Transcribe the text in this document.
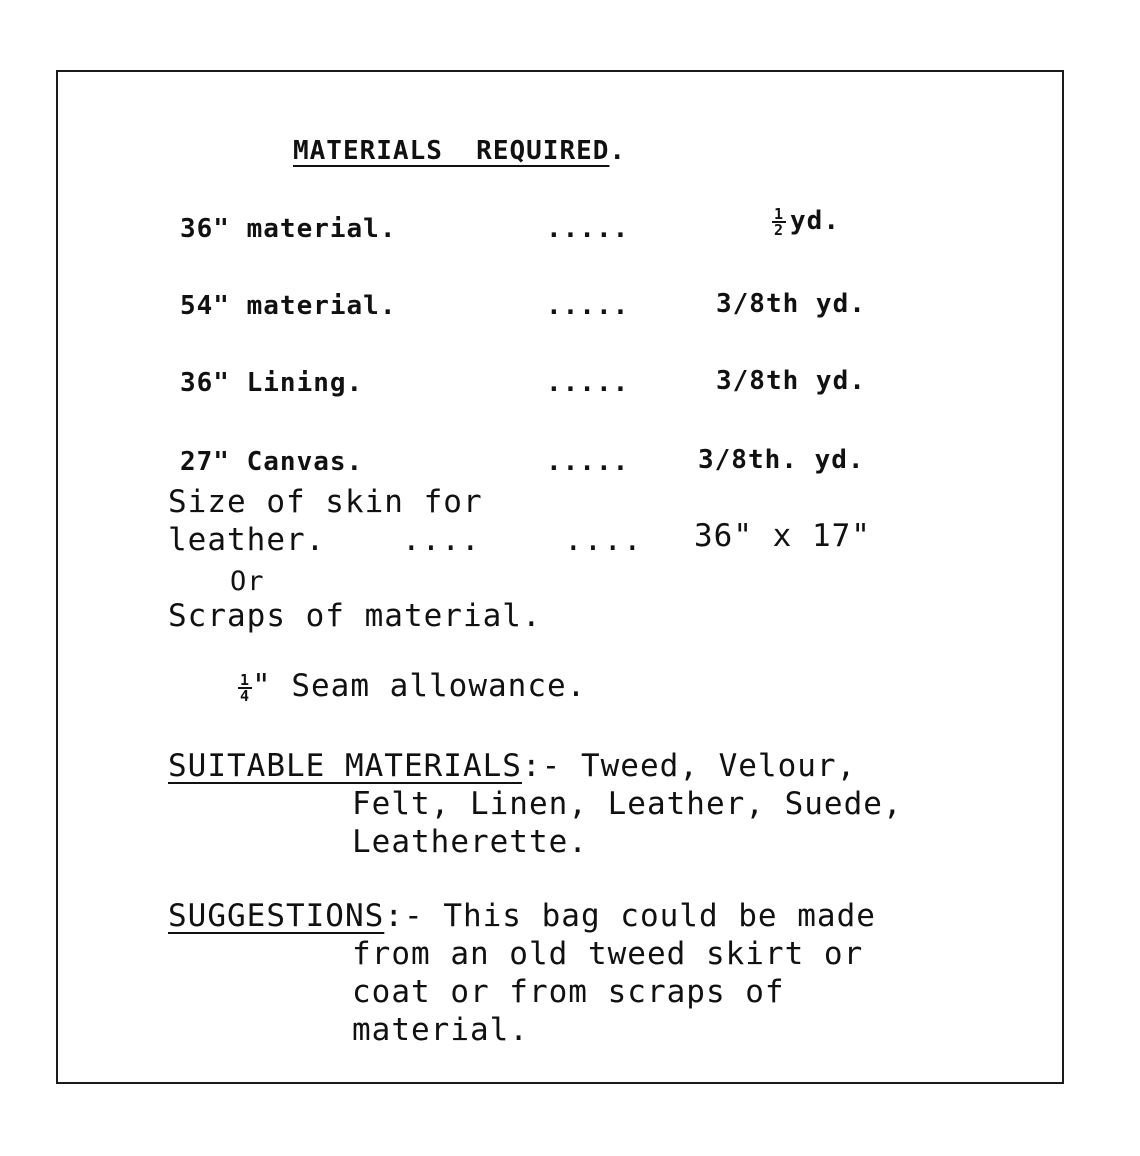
MATERIALS  REQUIRED.
36" material.	.....	$\frac{1}{2}$ yd.
54" material.	.....	3/8th yd.
36" Lining.	.....	3/8th yd.
27" Canvas.	.....	3/8th. yd.
Size of skin for
leather. ....	.... 36" x 17"
Or
Scraps of material.
$\frac{1}{4}$ " Seam allowance.
SUITABLE MATERIALS:- Tweed, Velour,
Felt, Linen, Leather, Suede,
Leatherette.
SUGGESTIONS:- This bag could be made
from an old tweed skirt or
coat or from scraps of
material.
